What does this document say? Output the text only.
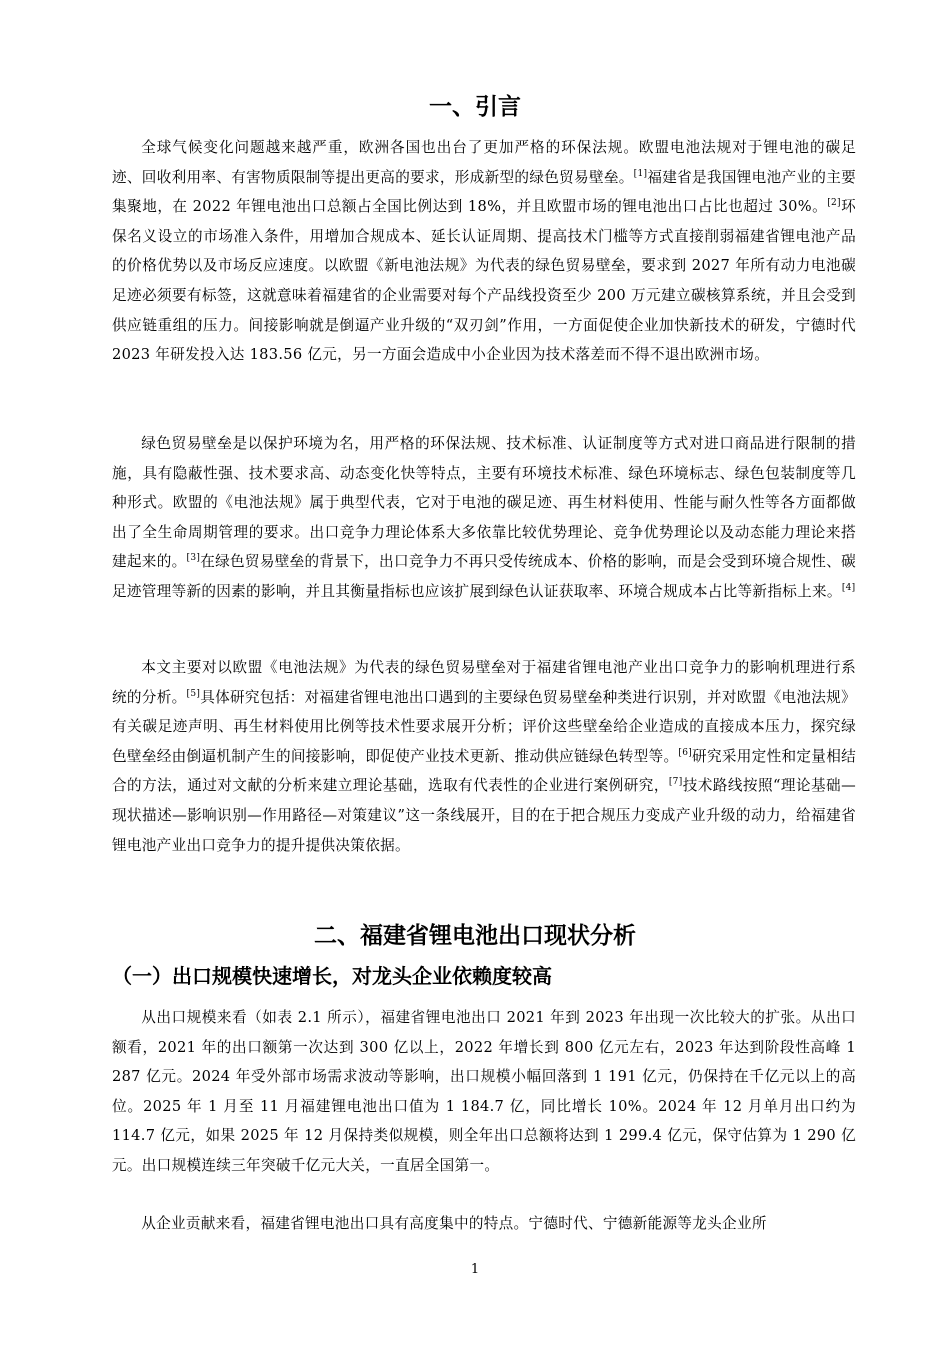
一、引言

全球气候变化问题越来越严重，欧洲各国也出台了更加严格的环保法规。欧盟电池法规对于锂电池的碳足迹、回收利用率、有害物质限制等提出更高的要求，形成新型的绿色贸易壁垒。[1]福建省是我国锂电池产业的主要集聚地，在 2022 年锂电池出口总额占全国比例达到 18%，并且欧盟市场的锂电池出口占比也超过 30%。[2]环保名义设立的市场准入条件，用增加合规成本、延长认证周期、提高技术门槛等方式直接削弱福建省锂电池产品的价格优势以及市场反应速度。以欧盟《新电池法规》为代表的绿色贸易壁垒，要求到 2027 年所有动力电池碳足迹必须要有标签，这就意味着福建省的企业需要对每个产品线投资至少 200 万元建立碳核算系统，并且会受到供应链重组的压力。间接影响就是倒逼产业升级的“双刃剑”作用，一方面促使企业加快新技术的研发，宁德时代 2023 年研发投入达 183.56 亿元，另一方面会造成中小企业因为技术落差而不得不退出欧洲市场。

绿色贸易壁垒是以保护环境为名，用严格的环保法规、技术标准、认证制度等方式对进口商品进行限制的措施，具有隐蔽性强、技术要求高、动态变化快等特点，主要有环境技术标准、绿色环境标志、绿色包装制度等几种形式。欧盟的《电池法规》属于典型代表，它对于电池的碳足迹、再生材料使用、性能与耐久性等各方面都做出了全生命周期管理的要求。出口竞争力理论体系大多依靠比较优势理论、竞争优势理论以及动态能力理论来搭建起来的。[3]在绿色贸易壁垒的背景下，出口竞争力不再只受传统成本、价格的影响，而是会受到环境合规性、碳足迹管理等新的因素的影响，并且其衡量指标也应该扩展到绿色认证获取率、环境合规成本占比等新指标上来。[4]

本文主要对以欧盟《电池法规》为代表的绿色贸易壁垒对于福建省锂电池产业出口竞争力的影响机理进行系统的分析。[5]具体研究包括：对福建省锂电池出口遇到的主要绿色贸易壁垒种类进行识别，并对欧盟《电池法规》有关碳足迹声明、再生材料使用比例等技术性要求展开分析；评价这些壁垒给企业造成的直接成本压力，探究绿色壁垒经由倒逼机制产生的间接影响，即促使产业技术更新、推动供应链绿色转型等。[6]研究采用定性和定量相结合的方法，通过对文献的分析来建立理论基础，选取有代表性的企业进行案例研究，[7]技术路线按照“理论基础—现状描述—影响识别—作用路径—对策建议”这一条线展开，目的在于把合规压力变成产业升级的动力，给福建省锂电池产业出口竞争力的提升提供决策依据。

二、福建省锂电池出口现状分析
（一）出口规模快速增长，对龙头企业依赖度较高

从出口规模来看（如表 2.1 所示），福建省锂电池出口 2021 年到 2023 年出现一次比较大的扩张。从出口额看，2021 年的出口额第一次达到 300 亿以上，2022 年增长到 800 亿元左右，2023 年达到阶段性高峰 1 287 亿元。2024 年受外部市场需求波动等影响，出口规模小幅回落到 1 191 亿元，仍保持在千亿元以上的高位。2025 年 1 月至 11 月福建锂电池出口值为 1 184.7 亿，同比增长 10%。2024 年 12 月单月出口约为 114.7 亿元，如果 2025 年 12 月保持类似规模，则全年出口总额将达到 1 299.4 亿元，保守估算为 1 290 亿元。出口规模连续三年突破千亿元大关，一直居全国第一。

从企业贡献来看，福建省锂电池出口具有高度集中的特点。宁德时代、宁德新能源等龙头企业所

1
